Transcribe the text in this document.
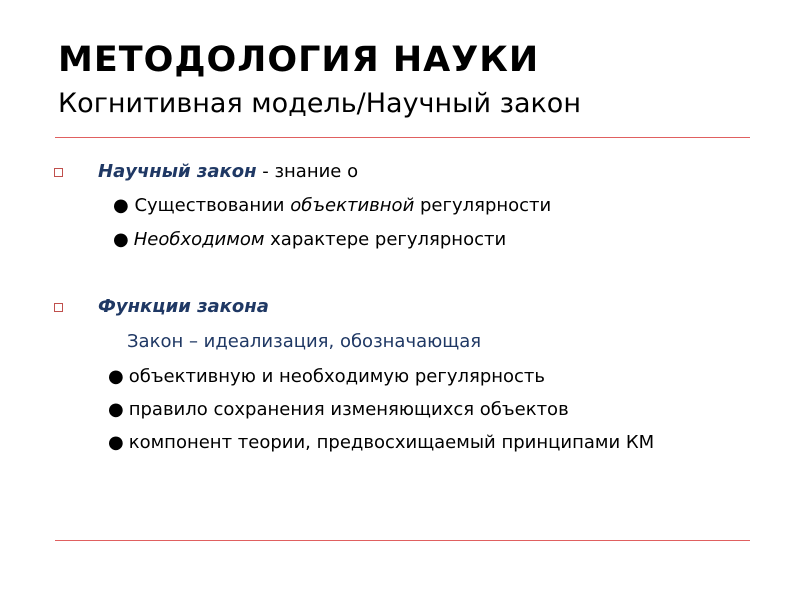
МЕТОДОЛОГИЯ НАУКИ
Когнитивная модель/Научный закон
Научный закон - знание о
● Существовании объективной регулярности
● Необходимом характере регулярности
Функции закона
Закон – идеализация, обозначающая
● объективную и необходимую регулярность
● правило сохранения изменяющихся объектов
● компонент теории, предвосхищаемый принципами КМ
